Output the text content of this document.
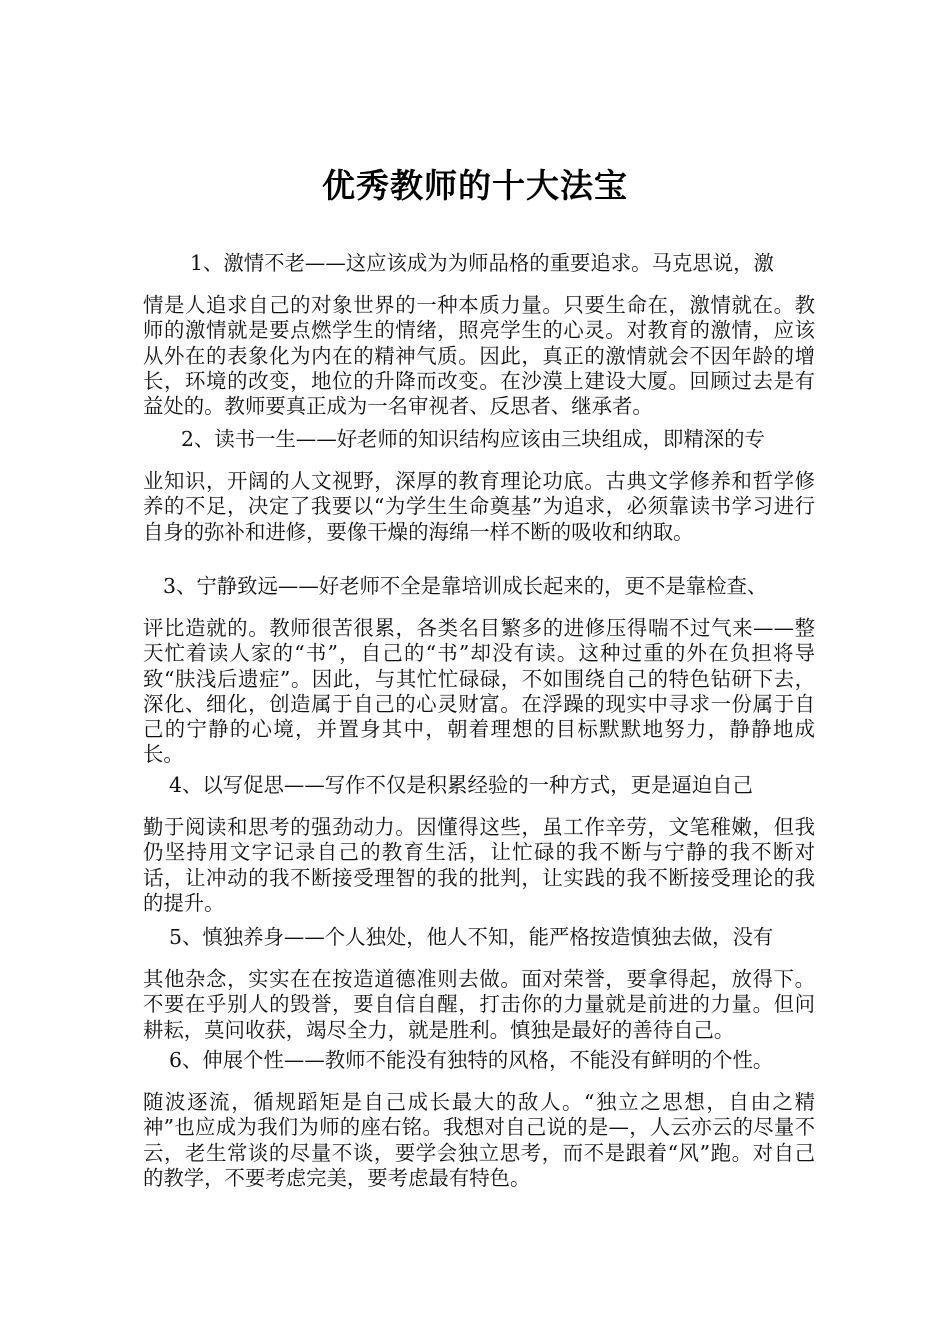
优秀教师的十大法宝

1、激情不老——这应该成为为师品格的重要追求。马克思说，激
情是人追求自己的对象世界的一种本质力量。只要生命在，激情就在。教师的激情就是要点燃学生的情绪，照亮学生的心灵。对教育的激情，应该从外在的表象化为内在的精神气质。因此，真正的激情就会不因年龄的增长，环境的改变，地位的升降而改变。在沙漠上建设大厦。回顾过去是有益处的。教师要真正成为一名审视者、反思者、继承者。

2、读书一生——好老师的知识结构应该由三块组成，即精深的专
业知识，开阔的人文视野，深厚的教育理论功底。古典文学修养和哲学修养的不足，决定了我要以“为学生生命奠基”为追求，必须靠读书学习进行自身的弥补和进修，要像干燥的海绵一样不断的吸收和纳取。

3、宁静致远——好老师不全是靠培训成长起来的，更不是靠检查、
评比造就的。教师很苦很累，各类名目繁多的进修压得喘不过气来——整天忙着读人家的“书”，自己的“书”却没有读。这种过重的外在负担将导致“肤浅后遗症”。因此，与其忙忙碌碌，不如围绕自己的特色钻研下去，深化、细化，创造属于自己的心灵财富。在浮躁的现实中寻求一份属于自己的宁静的心境，并置身其中，朝着理想的目标默默地努力，静静地成长。

4、以写促思——写作不仅是积累经验的一种方式，更是逼迫自己
勤于阅读和思考的强劲动力。因懂得这些，虽工作辛劳，文笔稚嫩，但我仍坚持用文字记录自己的教育生活，让忙碌的我不断与宁静的我不断对话，让冲动的我不断接受理智的我的批判，让实践的我不断接受理论的我的提升。

5、慎独养身——个人独处，他人不知，能严格按造慎独去做，没有
其他杂念，实实在在按造道德准则去做。面对荣誉，要拿得起，放得下。不要在乎别人的毁誉，要自信自醒，打击你的力量就是前进的力量。但问耕耘，莫问收获，竭尽全力，就是胜利。慎独是最好的善待自己。

6、伸展个性——教师不能没有独特的风格，不能没有鲜明的个性。
随波逐流，循规蹈矩是自己成长最大的敌人。“独立之思想，自由之精神”也应成为我们为师的座右铭。我想对自己说的是—，人云亦云的尽量不云，老生常谈的尽量不谈，要学会独立思考，而不是跟着“风”跑。对自己的教学，不要考虑完美，要考虑最有特色。
